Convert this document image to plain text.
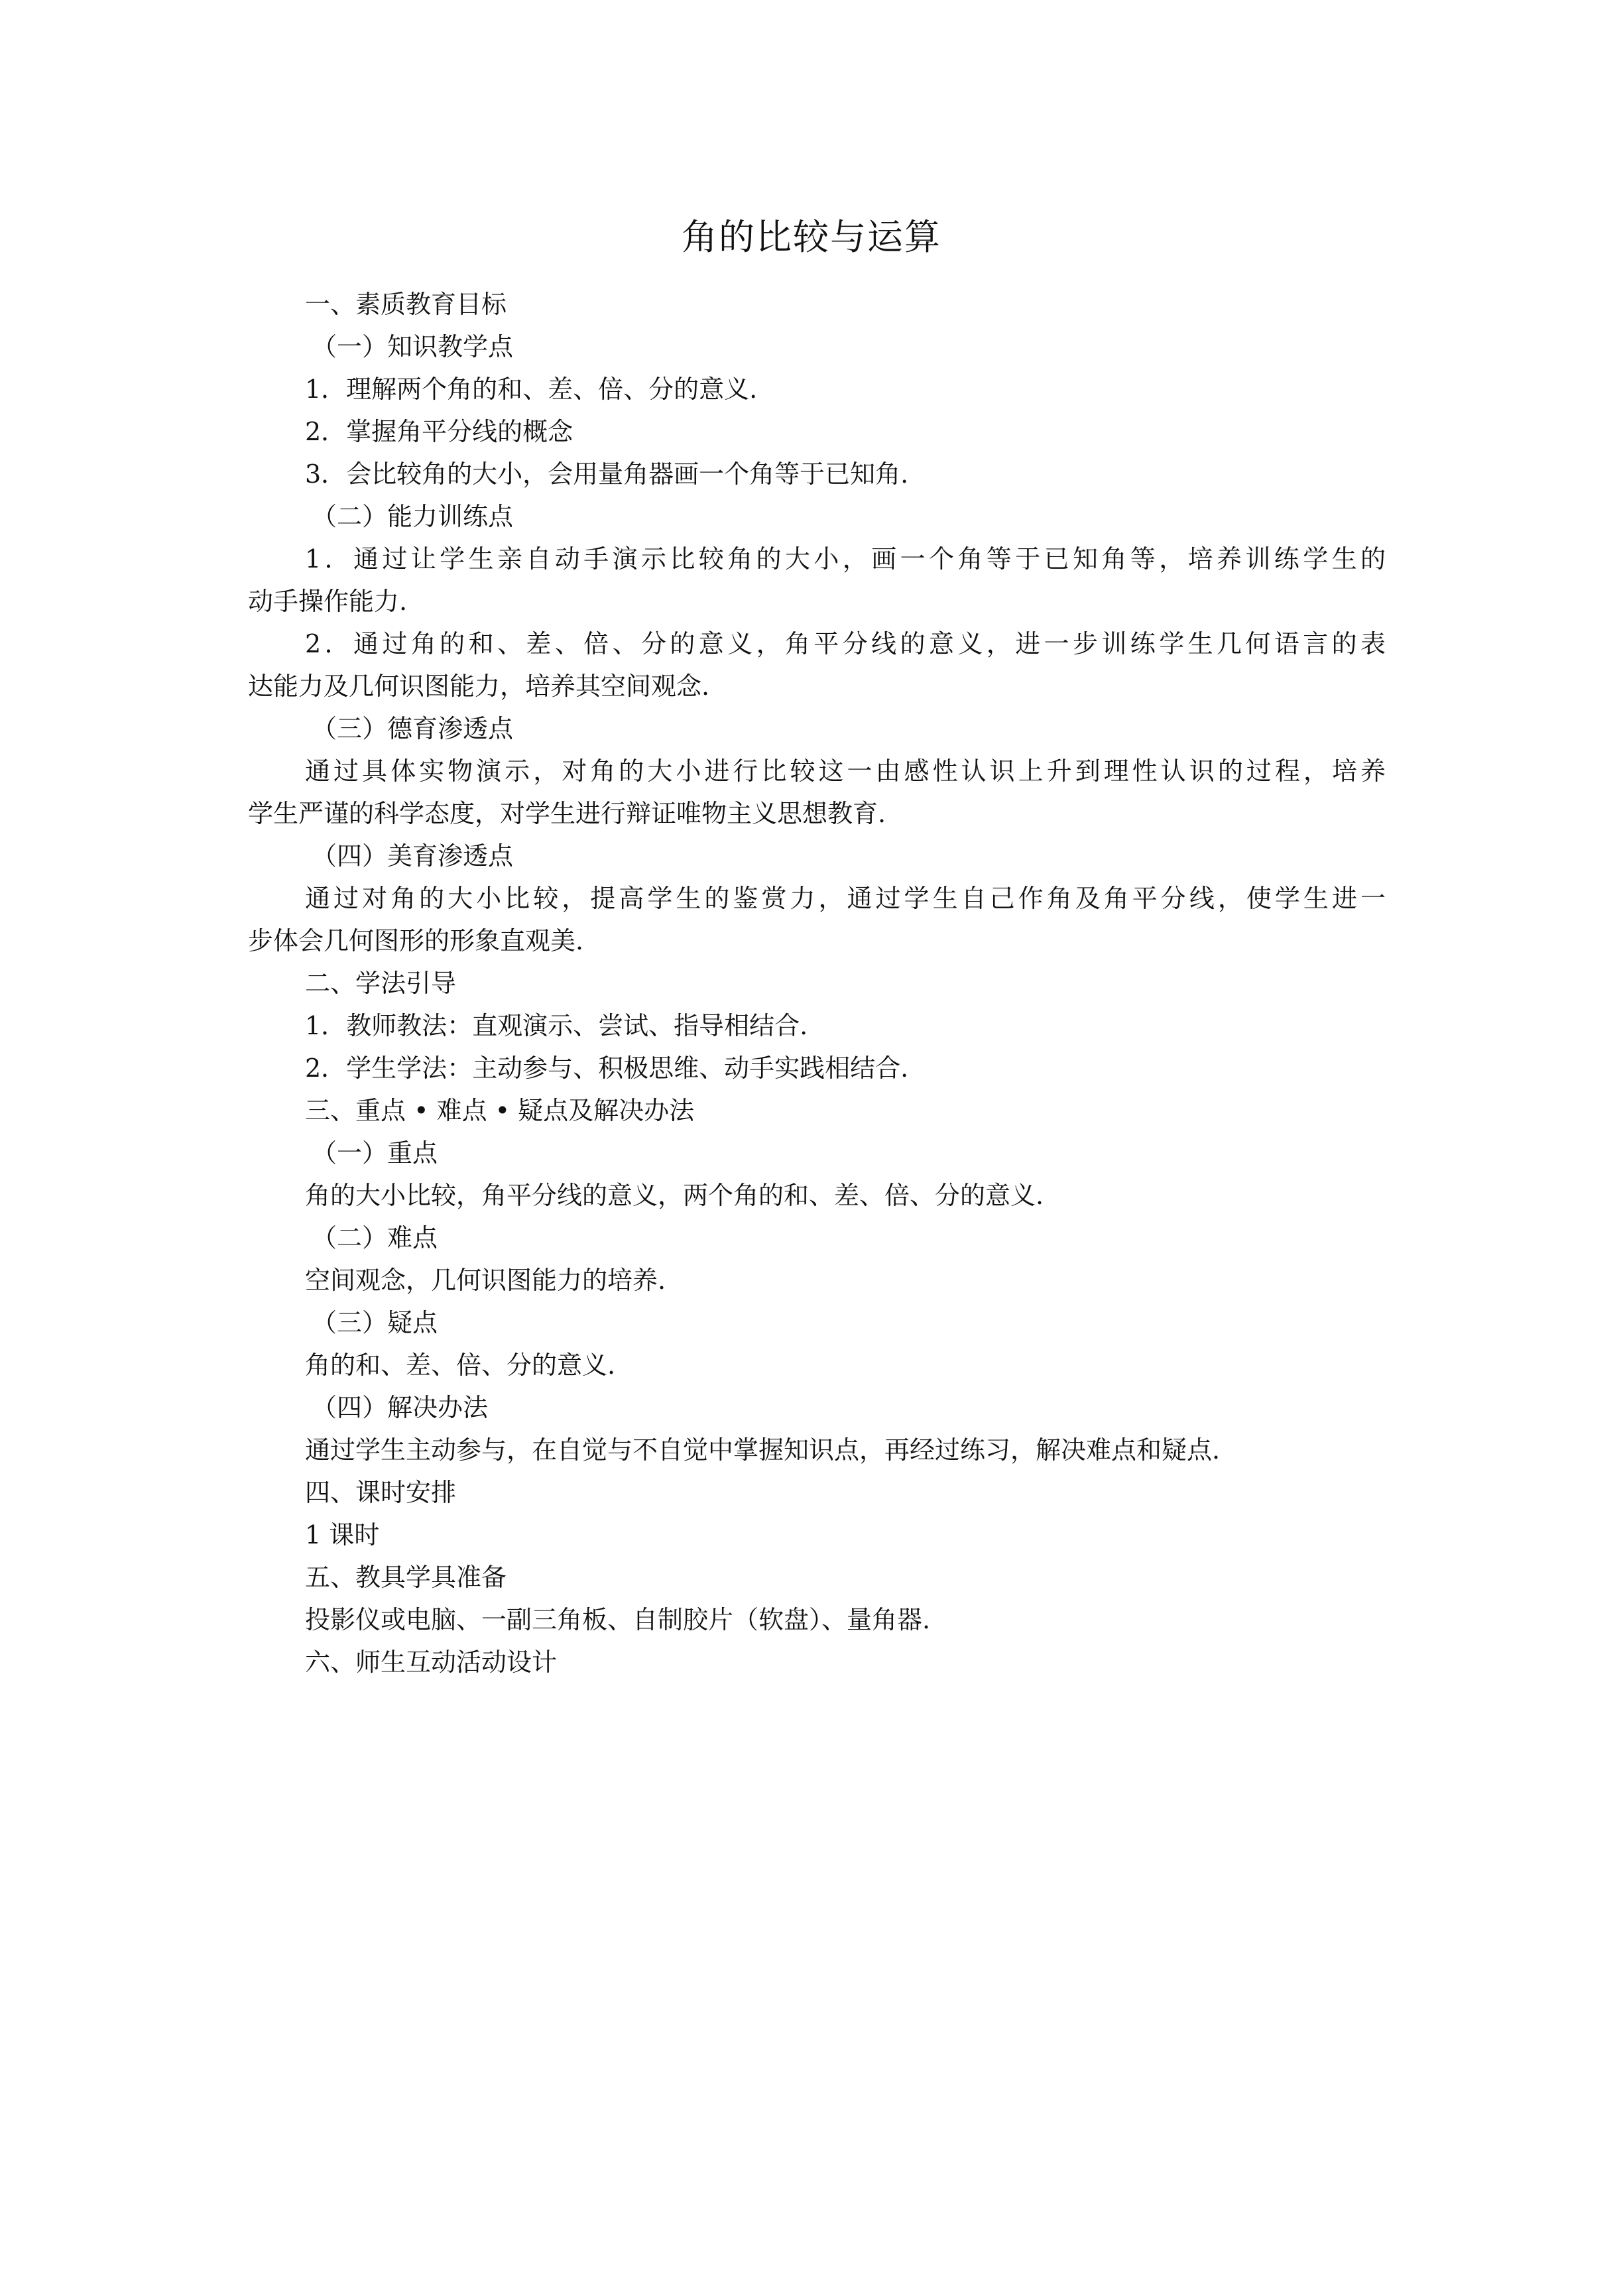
角的比较与运算
一、素质教育目标
（一）知识教学点
1．理解两个角的和、差、倍、分的意义.
2．掌握角平分线的概念
3．会比较角的大小，会用量角器画一个角等于已知角.
（二）能力训练点
1．通过让学生亲自动手演示比较角的大小，画一个角等于已知角等，培养训练学生的
动手操作能力.
2．通过角的和、差、倍、分的意义，角平分线的意义，进一步训练学生几何语言的表
达能力及几何识图能力，培养其空间观念.
（三）德育渗透点
通过具体实物演示，对角的大小进行比较这一由感性认识上升到理性认识的过程，培养
学生严谨的科学态度，对学生进行辩证唯物主义思想教育.
（四）美育渗透点
通过对角的大小比较，提高学生的鉴赏力，通过学生自己作角及角平分线，使学生进一
步体会几何图形的形象直观美.
二、学法引导
1．教师教法：直观演示、尝试、指导相结合.
2．学生学法：主动参与、积极思维、动手实践相结合.
三、重点 • 难点 • 疑点及解决办法
（一）重点
角的大小比较，角平分线的意义，两个角的和、差、倍、分的意义.
（二）难点
空间观念，几何识图能力的培养.
（三）疑点
角的和、差、倍、分的意义.
（四）解决办法
通过学生主动参与，在自觉与不自觉中掌握知识点，再经过练习，解决难点和疑点.
四、课时安排
1 课时
五、教具学具准备
投影仪或电脑、一副三角板、自制胶片（软盘）、量角器.
六、师生互动活动设计
